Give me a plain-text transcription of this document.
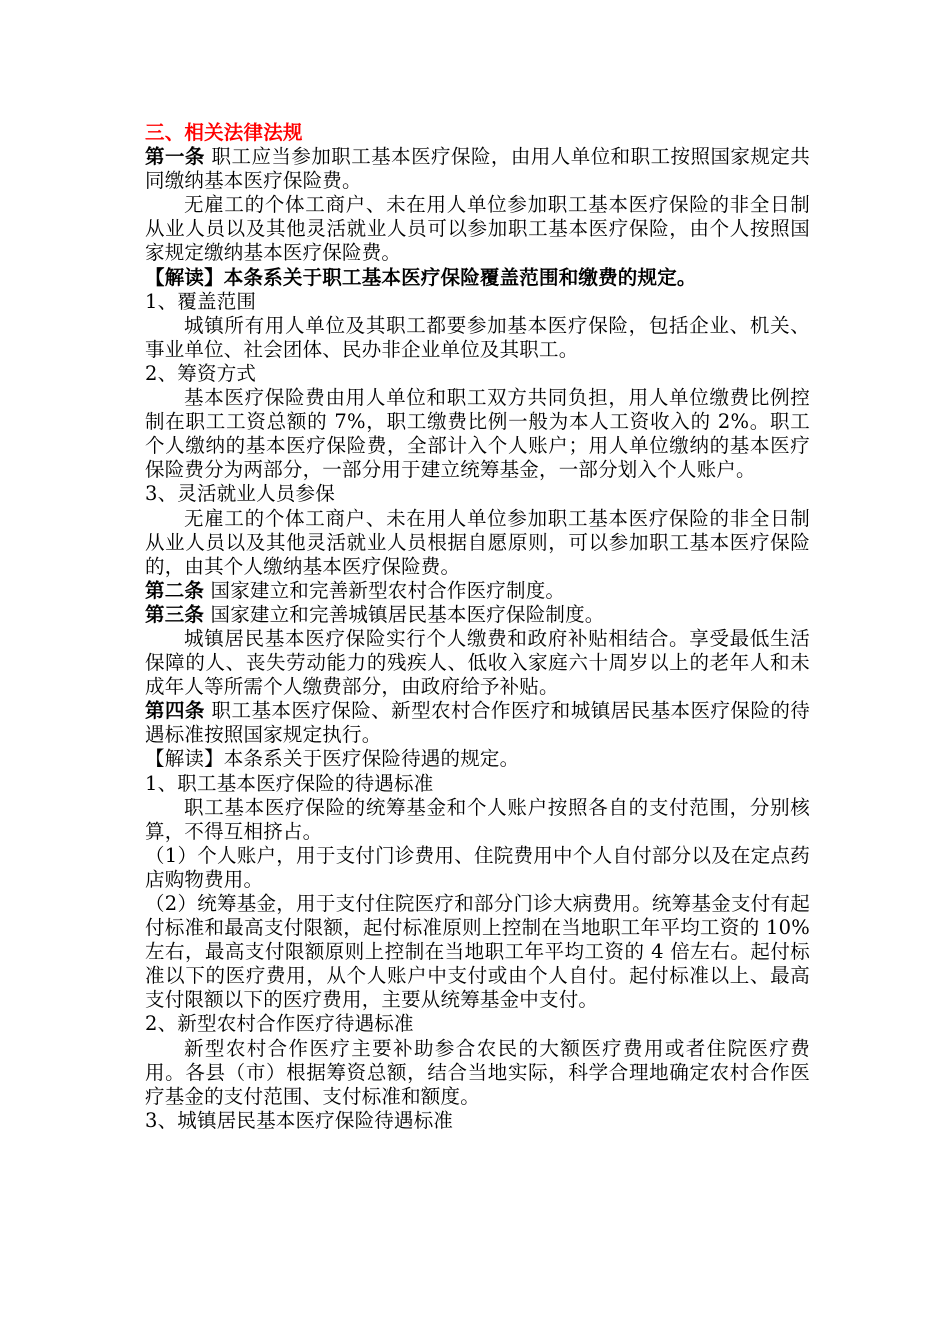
三、相关法律法规

第一条 职工应当参加职工基本医疗保险，由用人单位和职工按照国家规定共同缴纳基本医疗保险费。

无雇工的个体工商户、未在用人单位参加职工基本医疗保险的非全日制从业人员以及其他灵活就业人员可以参加职工基本医疗保险，由个人按照国家规定缴纳基本医疗保险费。

【解读】本条系关于职工基本医疗保险覆盖范围和缴费的规定。

1、覆盖范围

城镇所有用人单位及其职工都要参加基本医疗保险，包括企业、机关、事业单位、社会团体、民办非企业单位及其职工。

2、筹资方式

基本医疗保险费由用人单位和职工双方共同负担，用人单位缴费比例控制在职工工资总额的 7%，职工缴费比例一般为本人工资收入的 2%。职工个人缴纳的基本医疗保险费，全部计入个人账户；用人单位缴纳的基本医疗保险费分为两部分，一部分用于建立统筹基金，一部分划入个人账户。

3、灵活就业人员参保

无雇工的个体工商户、未在用人单位参加职工基本医疗保险的非全日制从业人员以及其他灵活就业人员根据自愿原则，可以参加职工基本医疗保险的，由其个人缴纳基本医疗保险费。

第二条 国家建立和完善新型农村合作医疗制度。

第三条 国家建立和完善城镇居民基本医疗保险制度。

城镇居民基本医疗保险实行个人缴费和政府补贴相结合。享受最低生活保障的人、丧失劳动能力的残疾人、低收入家庭六十周岁以上的老年人和未成年人等所需个人缴费部分，由政府给予补贴。

第四条 职工基本医疗保险、新型农村合作医疗和城镇居民基本医疗保险的待遇标准按照国家规定执行。

【解读】本条系关于医疗保险待遇的规定。

1、职工基本医疗保险的待遇标准

职工基本医疗保险的统筹基金和个人账户按照各自的支付范围，分别核算，不得互相挤占。

（1）个人账户，用于支付门诊费用、住院费用中个人自付部分以及在定点药店购物费用。

（2）统筹基金，用于支付住院医疗和部分门诊大病费用。统筹基金支付有起付标准和最高支付限额，起付标准原则上控制在当地职工年平均工资的 10%左右，最高支付限额原则上控制在当地职工年平均工资的 4 倍左右。起付标准以下的医疗费用，从个人账户中支付或由个人自付。起付标准以上、最高支付限额以下的医疗费用，主要从统筹基金中支付。

2、新型农村合作医疗待遇标准

新型农村合作医疗主要补助参合农民的大额医疗费用或者住院医疗费用。各县（市）根据筹资总额，结合当地实际，科学合理地确定农村合作医疗基金的支付范围、支付标准和额度。

3、城镇居民基本医疗保险待遇标准
